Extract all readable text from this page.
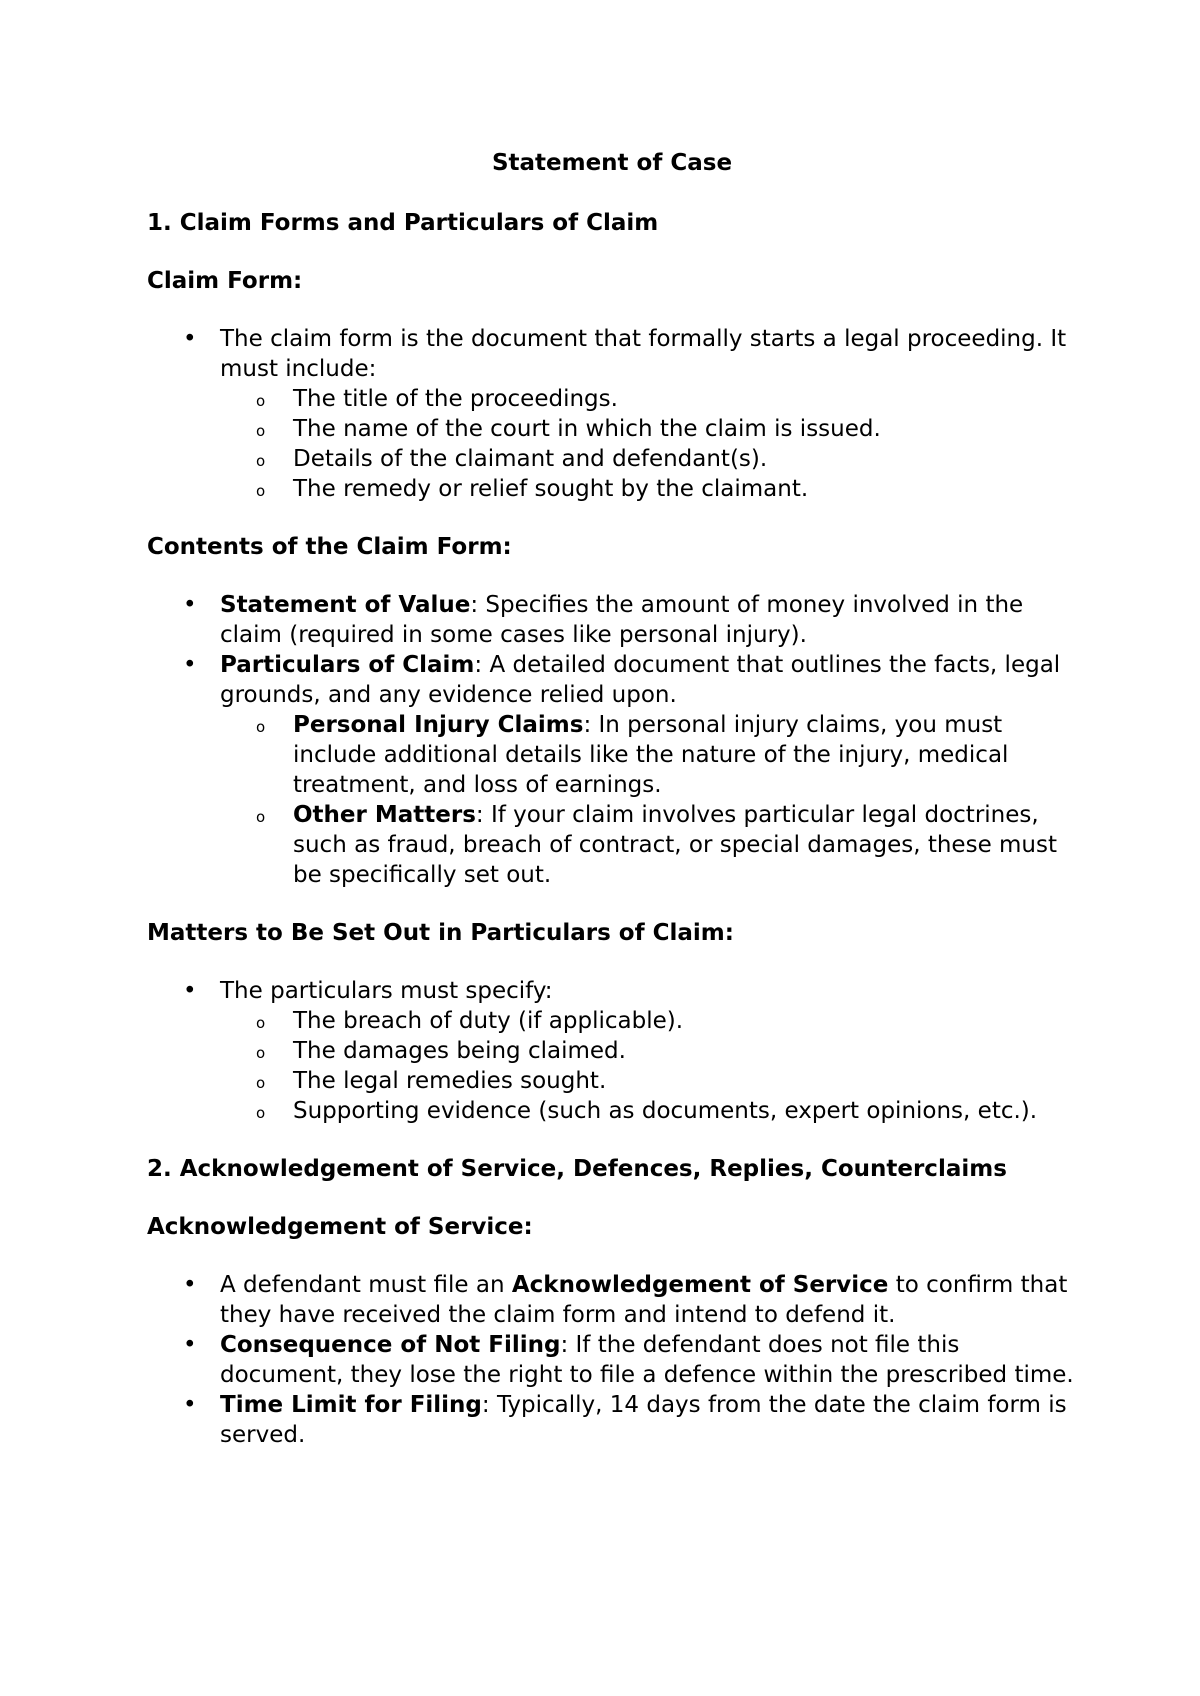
Statement of Case
1. Claim Forms and Particulars of Claim
Claim Form:
• The claim form is the document that formally starts a legal proceeding. It must include:
o The title of the proceedings.
o The name of the court in which the claim is issued.
o Details of the claimant and defendant(s).
o The remedy or relief sought by the claimant.
Contents of the Claim Form:
• Statement of Value: Specifies the amount of money involved in the claim (required in some cases like personal injury).
• Particulars of Claim: A detailed document that outlines the facts, legal grounds, and any evidence relied upon.
o Personal Injury Claims: In personal injury claims, you must include additional details like the nature of the injury, medical treatment, and loss of earnings.
o Other Matters: If your claim involves particular legal doctrines, such as fraud, breach of contract, or special damages, these must be specifically set out.
Matters to Be Set Out in Particulars of Claim:
• The particulars must specify:
o The breach of duty (if applicable).
o The damages being claimed.
o The legal remedies sought.
o Supporting evidence (such as documents, expert opinions, etc.).
2. Acknowledgement of Service, Defences, Replies, Counterclaims
Acknowledgement of Service:
• A defendant must file an Acknowledgement of Service to confirm that they have received the claim form and intend to defend it.
• Consequence of Not Filing: If the defendant does not file this document, they lose the right to file a defence within the prescribed time.
• Time Limit for Filing: Typically, 14 days from the date the claim form is served.
